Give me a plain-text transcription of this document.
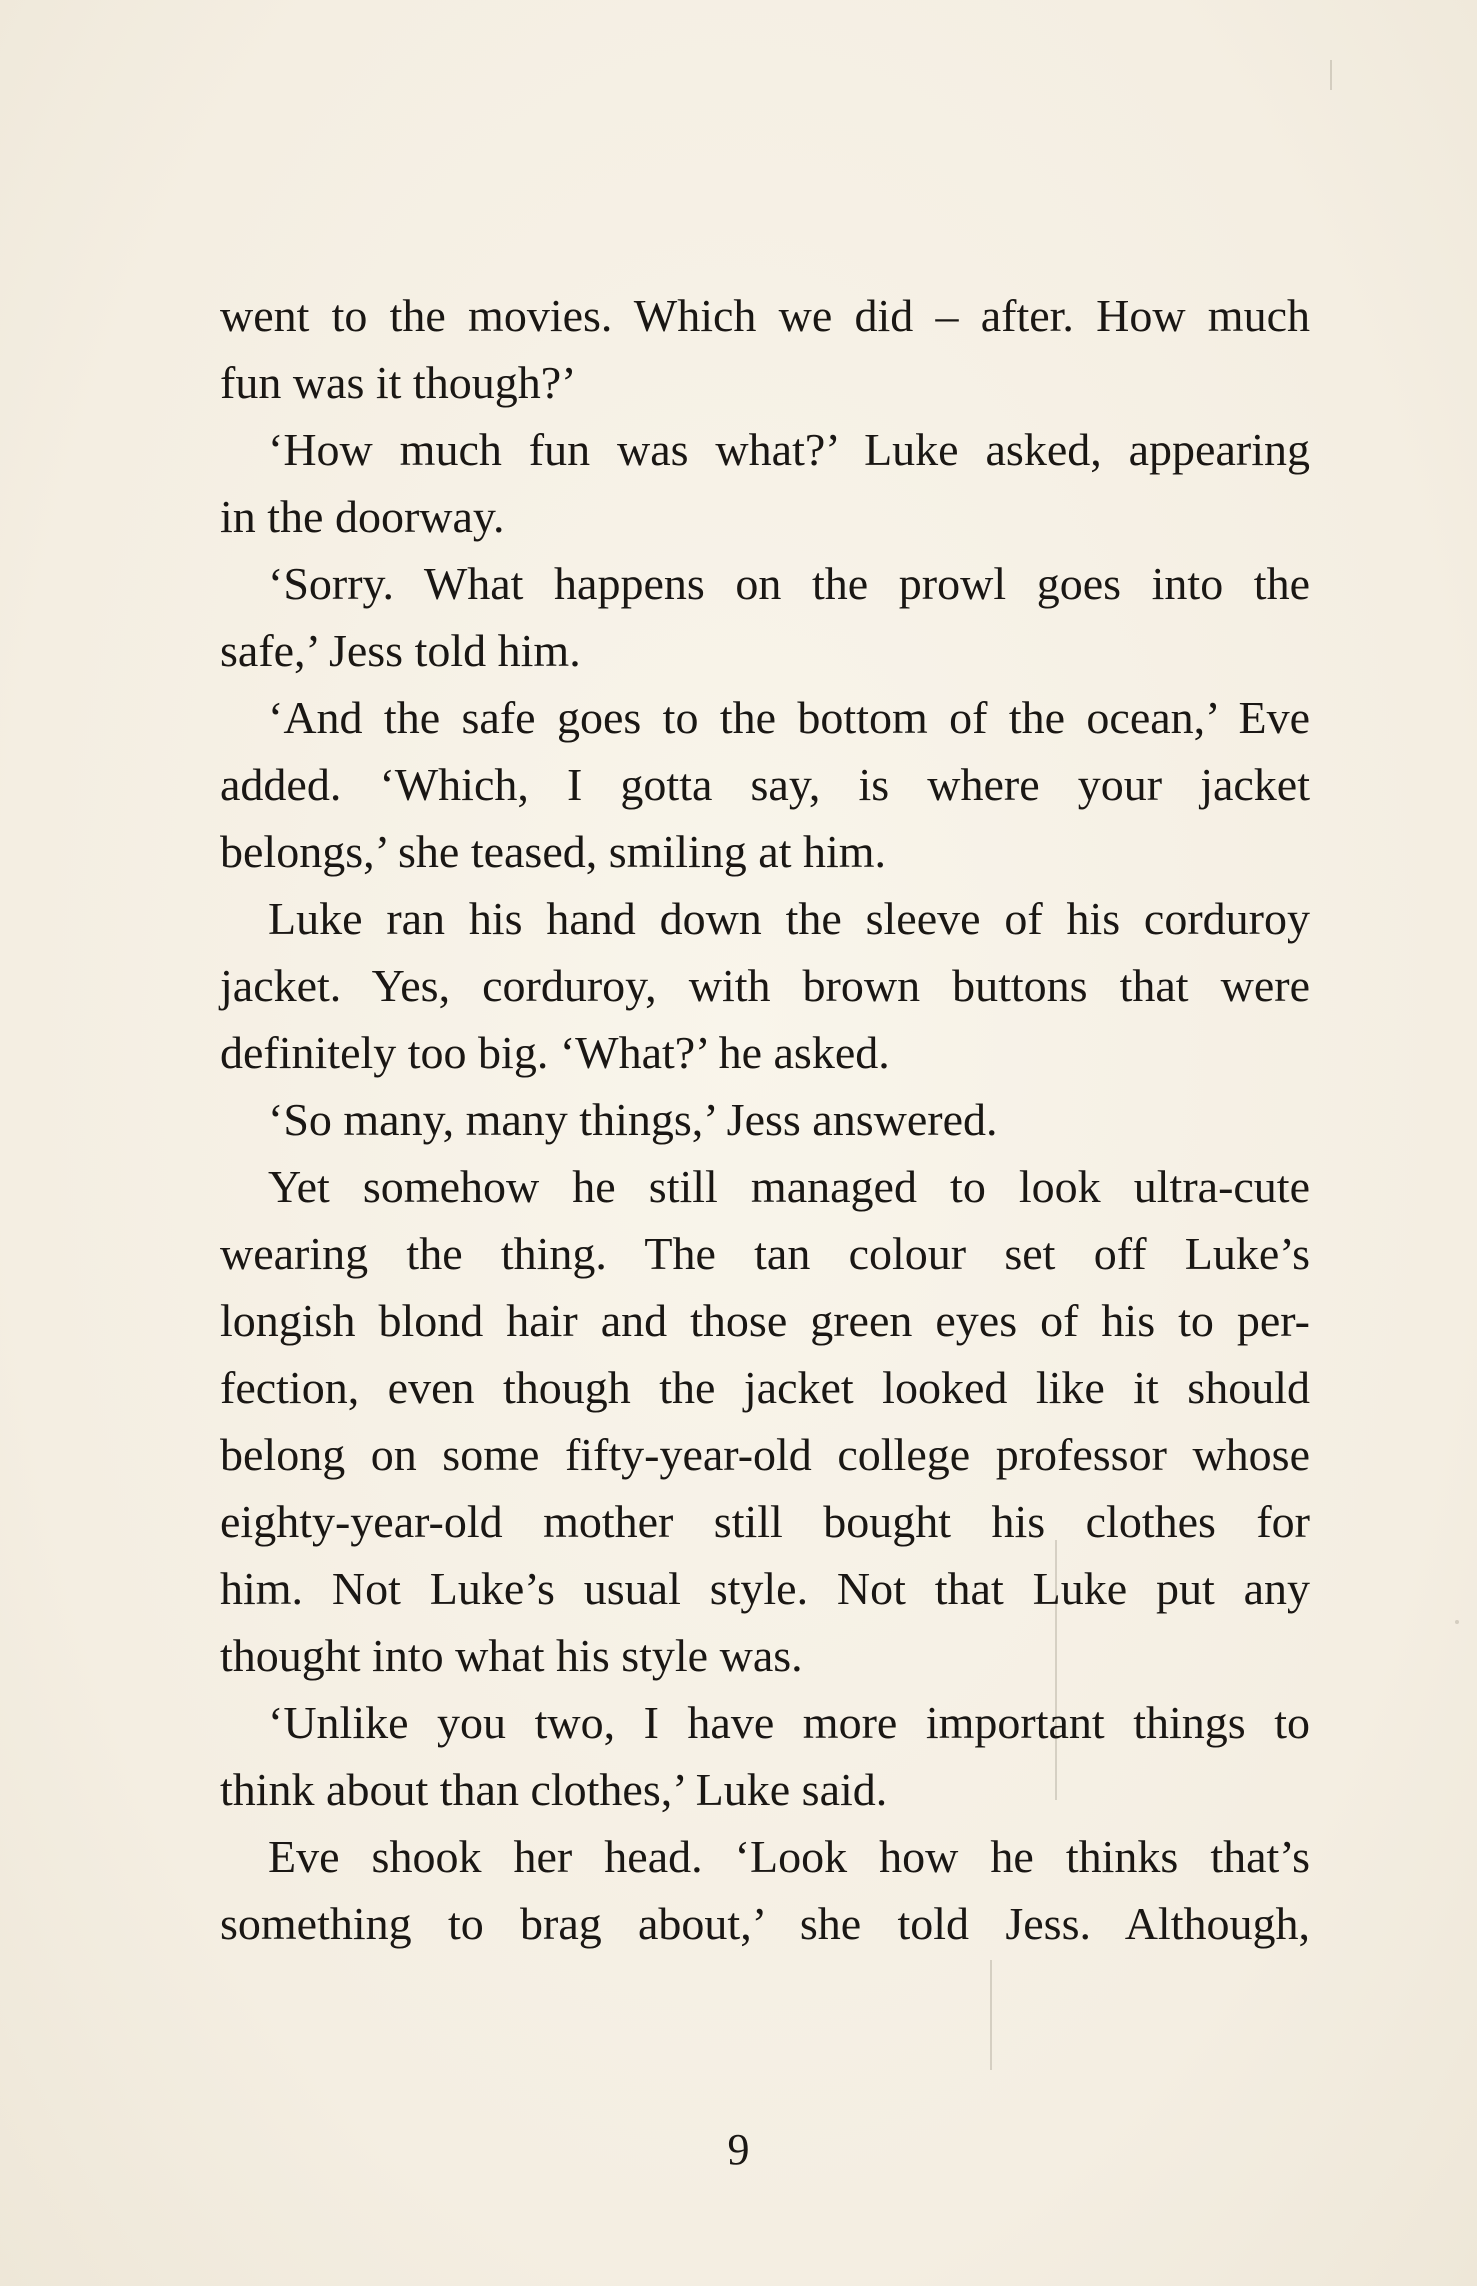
went to the movies. Which we did – after. How much
fun was it though?’
‘How much fun was what?’ Luke asked, appearing
in the doorway.
‘Sorry. What happens on the prowl goes into the
safe,’ Jess told him.
‘And the safe goes to the bottom of the ocean,’ Eve
added. ‘Which, I gotta say, is where your jacket
belongs,’ she teased, smiling at him.
Luke ran his hand down the sleeve of his corduroy
jacket. Yes, corduroy, with brown buttons that were
definitely too big. ‘What?’ he asked.
‘So many, many things,’ Jess answered.
Yet somehow he still managed to look ultra-cute
wearing the thing. The tan colour set off Luke’s
longish blond hair and those green eyes of his to per-
fection, even though the jacket looked like it should
belong on some fifty-year-old college professor whose
eighty-year-old mother still bought his clothes for
him. Not Luke’s usual style. Not that Luke put any
thought into what his style was.
‘Unlike you two, I have more important things to
think about than clothes,’ Luke said.
Eve shook her head. ‘Look how he thinks that’s
something to brag about,’ she told Jess. Although,
9
